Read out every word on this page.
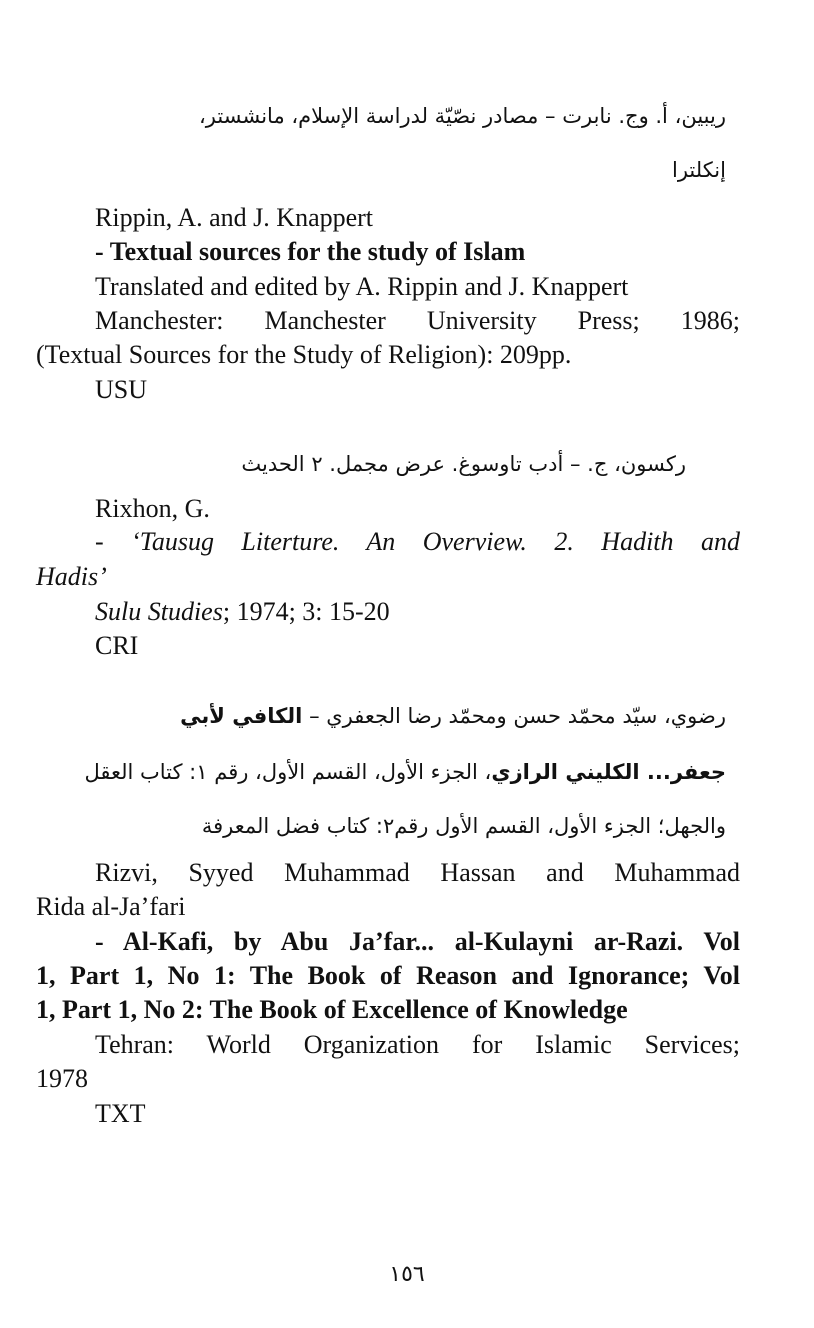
ريبين، أ. وج. نابرت – مصادر نصّيّة لدراسة الإسلام، مانشستر،
إنكلترا
Rippin, A. and J. Knappert
- Textual sources for the study of Islam
Translated and edited by A. Rippin and J. Knappert
Manchester: Manchester University Press; 1986;
(Textual Sources for the Study of Religion): 209pp.
USU
ركسون، ج. – أدب تاوسوغ. عرض مجمل. ٢ الحديث
Rixhon, G.
- ‘Tausug Literture. An Overview. 2. Hadith and
Hadis’
Sulu Studies; 1974; 3: 15-20
CRI
رضوي، سيّد محمّد حسن ومحمّد رضا الجعفري – الكافي لأبي
جعفر... الكليني الرازي، الجزء الأول، القسم الأول، رقم ١: كتاب العقل
والجهل؛ الجزء الأول، القسم الأول رقم٢: كتاب فضل المعرفة
Rizvi, Syyed Muhammad Hassan and Muhammad
Rida al-Ja’fari
- Al-Kafi, by Abu Ja’far... al-Kulayni ar-Razi. Vol
1, Part 1, No 1: The Book of Reason and Ignorance; Vol
1, Part 1, No 2: The Book of Excellence of Knowledge
Tehran: World Organization for Islamic Services;
1978
TXT
١٥٦
